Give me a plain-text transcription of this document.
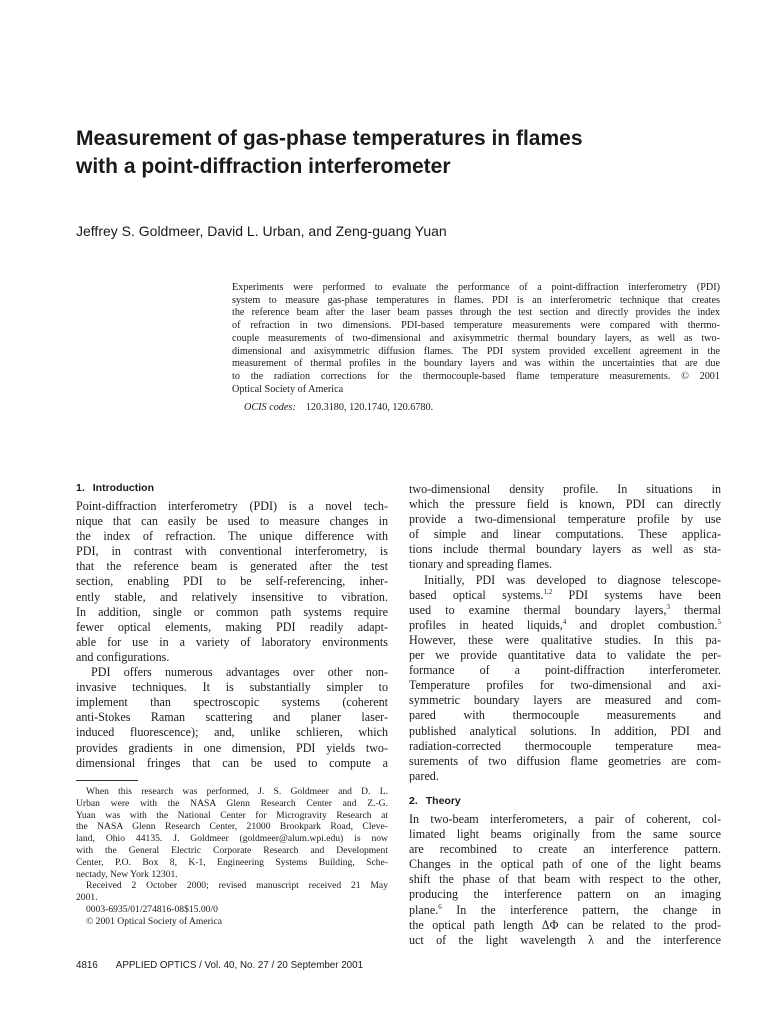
Measurement of gas-phase temperatures in flames
with a point-diffraction interferometer
Jeffrey S. Goldmeer, David L. Urban, and Zeng-guang Yuan
Experiments were performed to evaluate the performance of a point-diffraction interferometry (PDI)
system to measure gas-phase temperatures in flames. PDI is an interferometric technique that creates
the reference beam after the laser beam passes through the test section and directly provides the index
of refraction in two dimensions. PDI-based temperature measurements were compared with thermo-
couple measurements of two-dimensional and axisymmetric thermal boundary layers, as well as two-
dimensional and axisymmetric diffusion flames. The PDI system provided excellent agreement in the
measurement of thermal profiles in the boundary layers and was within the uncertainties that are due
to the radiation corrections for the thermocouple-based flame temperature measurements. © 2001
Optical Society of America
OCIS codes: 120.3180, 120.1740, 120.6780.
1. Introduction
Point-diffraction interferometry (PDI) is a novel tech-
nique that can easily be used to measure changes in
the index of refraction. The unique difference with
PDI, in contrast with conventional interferometry, is
that the reference beam is generated after the test
section, enabling PDI to be self-referencing, inher-
ently stable, and relatively insensitive to vibration.
In addition, single or common path systems require
fewer optical elements, making PDI readily adapt-
able for use in a variety of laboratory environments
and configurations.
PDI offers numerous advantages over other non-
invasive techniques. It is substantially simpler to
implement than spectroscopic systems (coherent
anti-Stokes Raman scattering and planer laser-
induced fluorescence); and, unlike schlieren, which
provides gradients in one dimension, PDI yields two-
dimensional fringes that can be used to compute a
When this research was performed, J. S. Goldmeer and D. L.
Urban were with the NASA Glenn Research Center and Z.-G.
Yuan was with the National Center for Microgravity Research at
the NASA Glenn Research Center, 21000 Brookpark Road, Cleve-
land, Ohio 44135. J. Goldmeer (goldmeer@alum.wpi.edu) is now
with the General Electric Corporate Research and Development
Center, P.O. Box 8, K-1, Engineering Systems Building, Sche-
nectady, New York 12301.
Received 2 October 2000; revised manuscript received 21 May
2001.
0003-6935/01/274816-08$15.00/0
© 2001 Optical Society of America
two-dimensional density profile. In situations in
which the pressure field is known, PDI can directly
provide a two-dimensional temperature profile by use
of simple and linear computations. These applica-
tions include thermal boundary layers as well as sta-
tionary and spreading flames.
Initially, PDI was developed to diagnose telescope-
based optical systems.$^{1,2}$ PDI systems have been
used to examine thermal boundary layers,$^3$ thermal
profiles in heated liquids,$^4$ and droplet combustion.$^5$
However, these were qualitative studies. In this pa-
per we provide quantitative data to validate the per-
formance of a point-diffraction interferometer.
Temperature profiles for two-dimensional and axi-
symmetric boundary layers are measured and com-
pared with thermocouple measurements and
published analytical solutions. In addition, PDI and
radiation-corrected thermocouple temperature mea-
surements of two diffusion flame geometries are com-
pared.
2. Theory
In two-beam interferometers, a pair of coherent, col-
limated light beams originally from the same source
are recombined to create an interference pattern.
Changes in the optical path of one of the light beams
shift the phase of that beam with respect to the other,
producing the interference pattern on an imaging
plane.$^6$ In the interference pattern, the change in
the optical path length ΔΦ can be related to the prod-
uct of the light wavelength λ and the interference
4816 APPLIED OPTICS / Vol. 40, No. 27 / 20 September 2001
